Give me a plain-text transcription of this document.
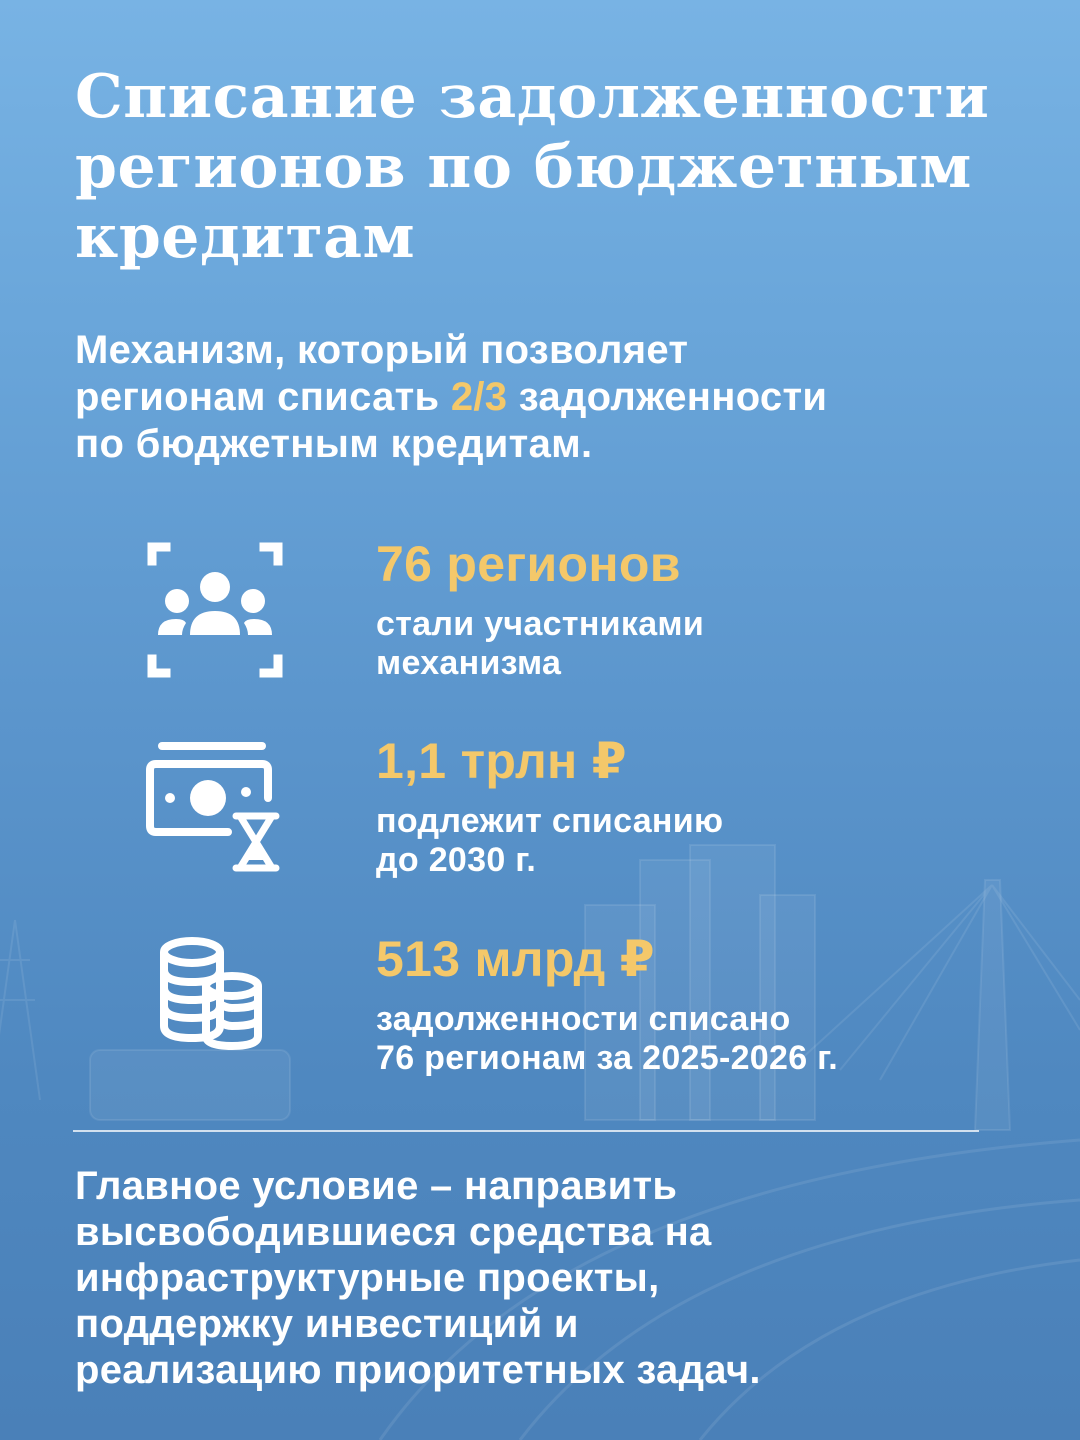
Списание задолженности
регионов по бюджетным
кредитам
Механизм, который позволяет
регионам списать 2/3 задолженности
по бюджетным кредитам.
76 регионов
стали участниками
механизма
1,1 трлн ₽
подлежит списанию
до 2030 г.
513 млрд ₽
задолженности списано
76 регионам за 2025-2026 г.
Главное условие – направить
высвободившиеся средства на
инфраструктурные проекты,
поддержку инвестиций и
реализацию приоритетных задач.
